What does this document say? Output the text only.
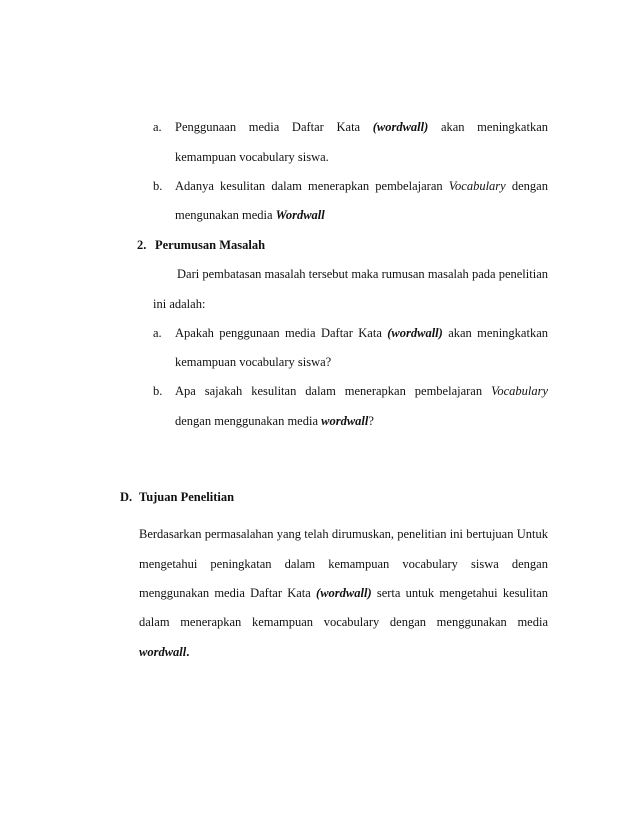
a. Penggunaan media Daftar Kata (wordwall) akan meningkatkan
kemampuan vocabulary siswa.
b. Adanya kesulitan dalam menerapkan pembelajaran Vocabulary dengan
mengunakan media Wordwall
2. Perumusan Masalah
Dari pembatasan masalah tersebut maka rumusan masalah pada penelitian
ini adalah:
a. Apakah penggunaan media Daftar Kata (wordwall) akan meningkatkan
kemampuan vocabulary siswa?
b. Apa sajakah kesulitan dalam menerapkan pembelajaran Vocabulary
dengan menggunakan media wordwall?
D. Tujuan Penelitian
Berdasarkan permasalahan yang telah dirumuskan, penelitian ini bertujuan Untuk
mengetahui peningkatan dalam kemampuan vocabulary siswa dengan
menggunakan media Daftar Kata (wordwall) serta untuk mengetahui kesulitan
dalam menerapkan kemampuan vocabulary dengan menggunakan media
wordwall.
